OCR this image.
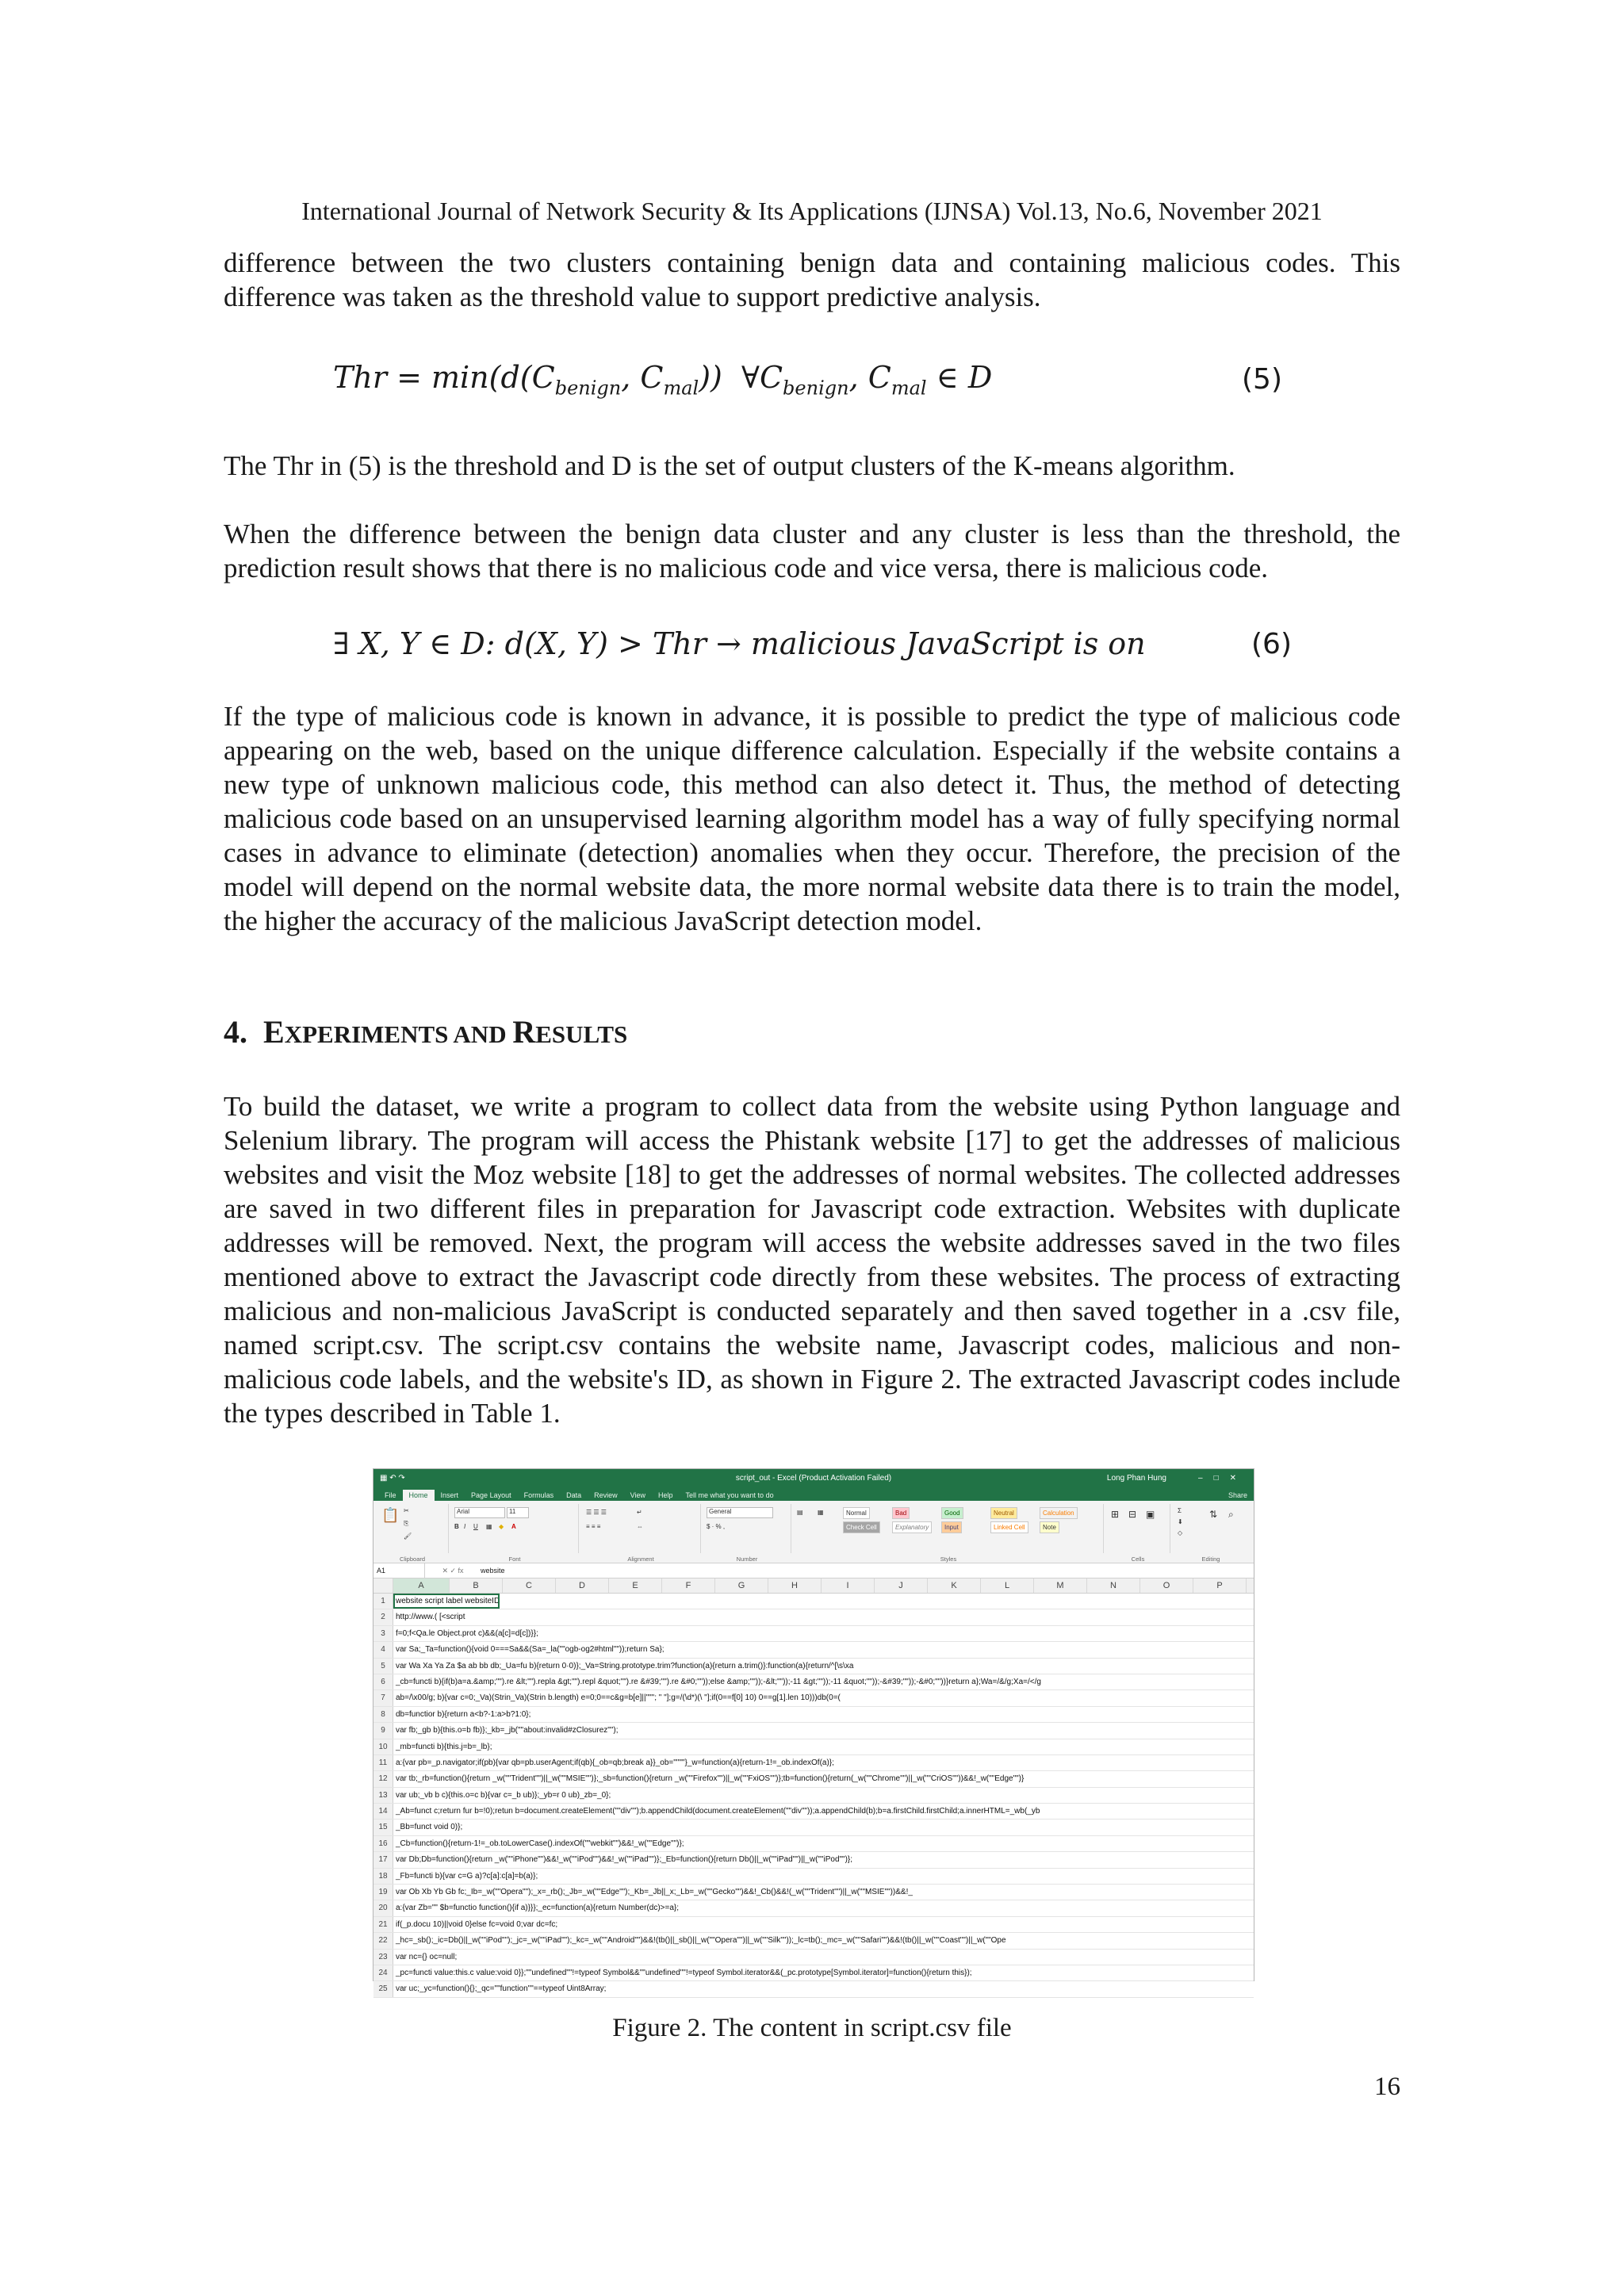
International Journal of Network Security & Its Applications (IJNSA) Vol.13, No.6, November 2021
difference between the two clusters containing benign data and containing malicious codes. This difference was taken as the threshold value to support predictive analysis.
Thr = $\min(d(C_{benign}$, $C_{mal}$))  $\forall C_{benign}$, $C_{mal}$ ∈ D	(5)
The Thr in (5) is the threshold and D is the set of output clusters of the K-means algorithm.
When the difference between the benign data cluster and any cluster is less than the threshold, the prediction result shows that there is no malicious code and vice versa, there is malicious code.
∃ X, Y ∈ D: d(X, Y) > Thr → malicious JavaScript is on	(6)
If the type of malicious code is known in advance, it is possible to predict the type of malicious code appearing on the web, based on the unique difference calculation. Especially if the website contains a new type of unknown malicious code, this method can also detect it. Thus, the method of detecting malicious code based on an unsupervised learning algorithm model has a way of fully specifying normal cases in advance to eliminate (detection) anomalies when they occur. Therefore, the precision of the model will depend on the normal website data, the more normal website data there is to train the model, the higher the accuracy of the malicious JavaScript detection model.
4. EXPERIMENTS AND RESULTS
To build the dataset, we write a program to collect data from the website using Python language and Selenium library. The program will access the Phistank website [17] to get the addresses of malicious websites and visit the Moz website [18] to get the addresses of normal websites. The collected addresses are saved in two different files in preparation for Javascript code extraction. Websites with duplicate addresses will be removed. Next, the program will access the website addresses saved in the two files mentioned above to extract the Javascript code directly from these websites. The process of extracting malicious and non-malicious JavaScript is conducted separately and then saved together in a .csv file, named script.csv. The script.csv contains the website name, Javascript codes, malicious and non-malicious code labels, and the website's ID, as shown in Figure 2. The extracted Javascript codes include the types described in Table 1.
▦ ↶ ↷	script_out - Excel (Product Activation Failed)	Long Phan Hung	–□✕
File	Home	Insert	Page Layout	Formulas	Data	Review	View	Help	Tell me what you want to do	Share
📋 ✂
⎘
🖌
Clipboard
Arial	11
B I U ▦ ◆ A
Font
☰ ☰ ☰
≡ ≡ ≡
↵
⇔
Alignment
General
$ · % ,
Number
▤ ▦	Normal	Bad	Good	Neutral	Calculation
Check Cell	Explanatory	Input	Linked Cell	Note
Styles
⊞ ⊟ ▣
Cells
Σ
⬇
◇
⇅ ⌕
Editing
A1	✕ ✓ fx	website
A	B	C	D	E	F	G	H	I	J	K	L	M	N	O	P
1	website script label websiteID
2	http://www.( [<script
3	f=0;f<Qa.le Object.prot c)&&(a[c]=d[c])}};
4	var Sa;_Ta=function(){void 0===Sa&&(Sa=_la(""ogb-og2#html""));return Sa};
5	var Wa Xa Ya Za $a ab bb db;_Ua=fu b){return 0·0)};_Va=String.prototype.trim?function(a){return a.trim()}:function(a){return/^[\s\xa
6	_cb=functi b){if(b)a=a.&amp;"").re &lt;"").repla &gt;"").repl &quot;"").re &#39;"").re &#0;""));else &amp;""));-&lt;""));-11 &gt;""));-11 &quot;""));-&#39;""));-&#0;""))}return a};Wa=/&/g;Xa=/</g
7	ab=/\x00/g; b){var c=0;_Va)(Strin_Va)(Strin b.length) e=0;0==c&g=b[e]||"""; " "];g=/(\d*)(\ "];if(0==f[0] 10) 0==g[1].len 10)))db(0=(
8	db=functior b){return a<b?-1:a>b?1:0};
9	var fb;_gb b){this.o=b fb)};_kb=_jb(""about:invalid#zClosurez"");
10	_mb=functi b){this.j=b=_lb};
11	a:{var pb=_p.navigator;if(pb){var qb=pb.userAgent;if(qb){_ob=qb;break a}}_ob=""""}_w=function(a){return-1!=_ob.indexOf(a)};
12	var tb;_rb=function(){return _w(""Trident"")||_w(""MSIE"")};_sb=function(){return _w(""Firefox"")||_w(""FxiOS"")};tb=function(){return(_w(""Chrome"")||_w(""CriOS""))&&!_w(""Edge"")}
13	var ub;_vb b c){this.o=c b){var c=_b ub)};_yb=r 0 ub)_zb=_0};
14	_Ab=funct c;return fur b=!0);retun b=document.createElement(""div"");b.appendChild(document.createElement(""div""));a.appendChild(b);b=a.firstChild.firstChild;a.innerHTML=_wb(_yb
15	_Bb=funct void 0)};
16	_Cb=function(){return-1!=_ob.toLowerCase().indexOf(""webkit"")&&!_w(""Edge"")};
17	var Db;Db=function(){return _w(""iPhone"")&&!_w(""iPod"")&&!_w(""iPad"")};_Eb=function(){return Db()||_w(""iPad"")||_w(""iPod"")};
18	_Fb=functi b){var c=G a)?c[a]:c[a]=b(a)};
19	var Ob Xb Yb Gb fc;_Ib=_w(""Opera"");_x=_rb();_Jb=_w(""Edge"");_Kb=_Jb||_x;_Lb=_w(""Gecko"")&&!_Cb()&&!(_w(""Trident"")||_w(""MSIE""))&&!_
20	a:{var Zb="" $b=functio function(){if a)}}};_ec=function(a){return Number(dc)>=a};
21	if(_p.docu 10)||void 0}else fc=void 0;var dc=fc;
22	_hc=_sb();_ic=Db()||_w(""iPod"");_jc=_w(""iPad"");_kc=_w(""Android"")&&!(tb()||_sb()||_w(""Opera"")||_w(""Silk""));_lc=tb();_mc=_w(""Safari"")&&!(tb()||_w(""Coast"")||_w(""Ope
23	var nc={} oc=null;
24	_pc=functi value:this.c value:void 0}};""undefined""!=typeof Symbol&&""undefined""!=typeof Symbol.iterator&&(_pc.prototype[Symbol.iterator]=function(){return this});
25	var uc;_yc=function(){};_qc=""function""==typeof Uint8Array;
Figure 2. The content in script.csv file
16
